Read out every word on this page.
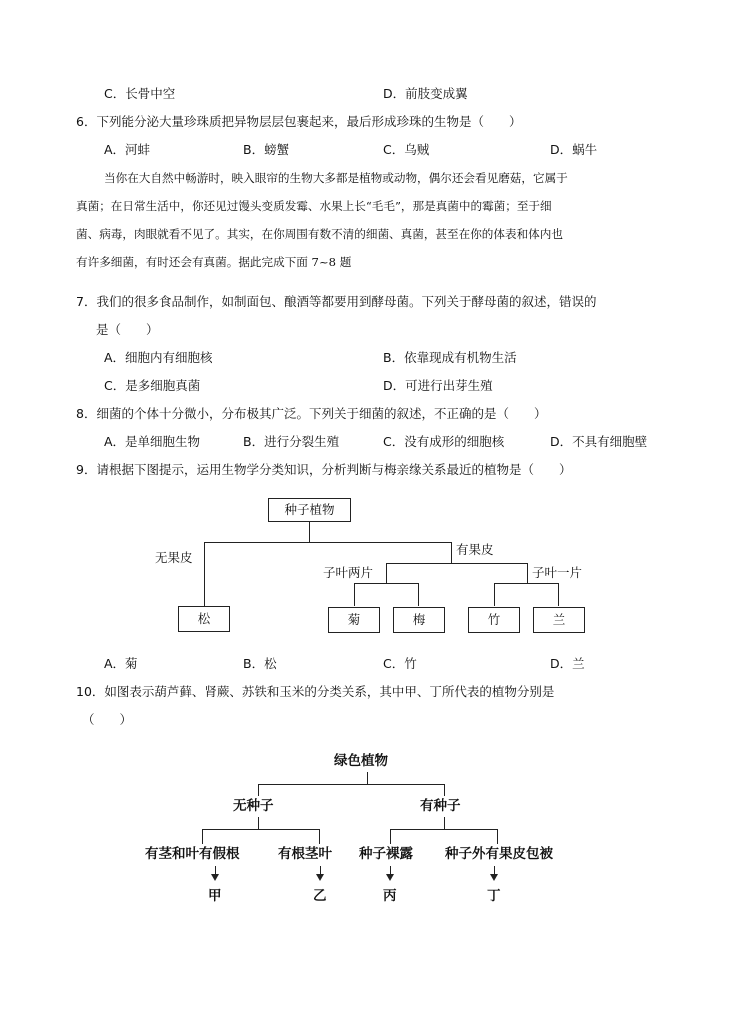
C．长骨中空	D．前肢变成翼
6．下列能分泌大量珍珠质把异物层层包裹起来，最后形成珍珠的生物是（　　）
A．河蚌	B．螃蟹	C．乌贼	D．蜗牛
当你在大自然中畅游时，映入眼帘的生物大多都是植物或动物，偶尔还会看见磨菇，它属于
真菌；在日常生活中，你还见过馒头变质发霉、水果上长“毛毛”，那是真菌中的霉菌；至于细
菌、病毒，肉眼就看不见了。其实，在你周围有数不清的细菌、真菌，甚至在你的体表和体内也
有许多细菌，有时还会有真菌。据此完成下面 7~8 题
7．我们的很多食品制作，如制面包、酿酒等都要用到酵母菌。下列关于酵母菌的叙述，错误的
是（　　）
A．细胞内有细胞核	B．依靠现成有机物生活
C．是多细胞真菌	D．可进行出芽生殖
8．细菌的个体十分微小，分布极其广泛。下列关于细菌的叙述，不正确的是（　　）
A．是单细胞生物	B．进行分裂生殖	C．没有成形的细胞核	D．不具有细胞壁
9．请根据下图提示，运用生物学分类知识，分析判断与梅亲缘关系最近的植物是（　　）
种子植物
无果皮
有果皮
子叶两片	子叶一片
松	菊	梅	竹	兰
A．菊	B．松	C．竹	D．兰
10．如图表示葫芦藓、肾蕨、苏铁和玉米的分类关系，其中甲、丁所代表的植物分别是
（　　）
绿色植物
无种子	有种子
有茎和叶有假根	有根茎叶 种子裸露 种子外有果皮包被
甲	乙	丙	丁
